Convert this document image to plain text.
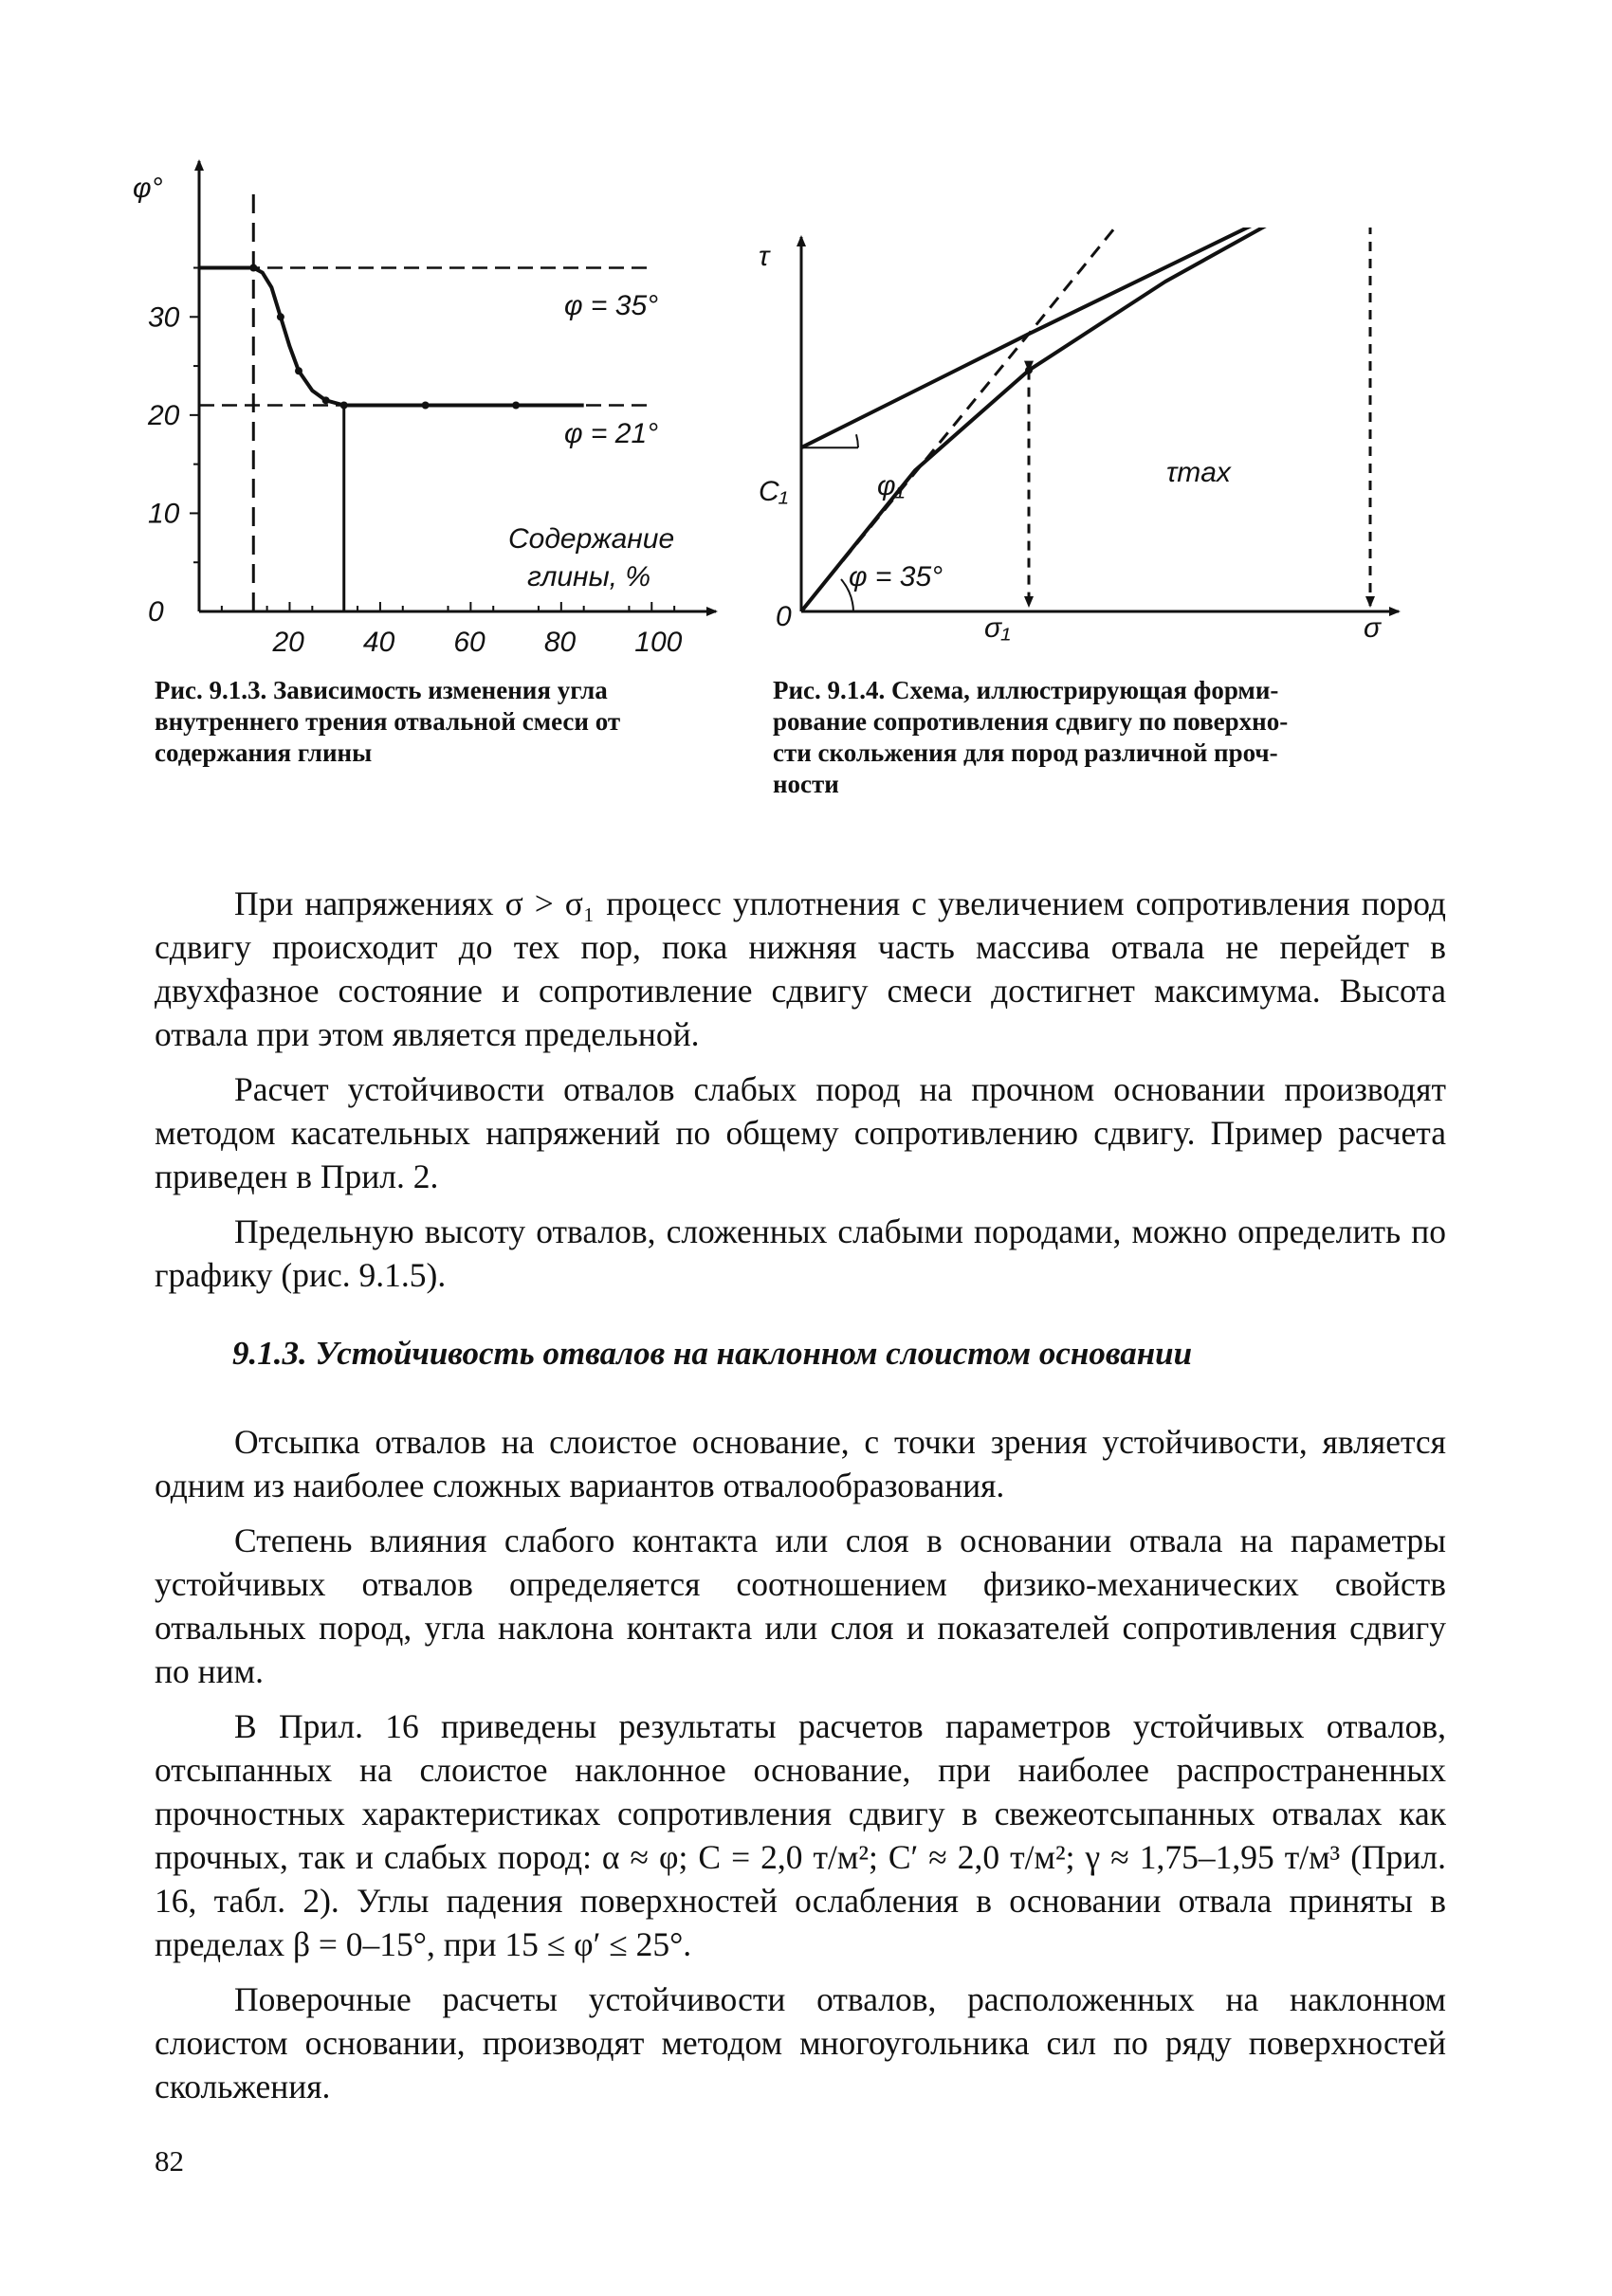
φ°
20 40 60 80 100
30
20
10
0
φ = 35°
φ = 21°
Содержание
глины, %
τ
σ
0
C₁
σ₁
τmax
φ₁
φ = 35°
Рис. 9.1.3. Зависимость изменения угла
внутреннего трения отвальной смеси от
содержания глины
Рис. 9.1.4. Схема, иллюстрирующая форми-
рование сопротивления сдвигу по поверхно-
сти скольжения для пород различной проч-
ности

При напряжениях σ > σ₁ процесс уплотнения с увеличением сопротивления пород сдвигу происходит до тех пор, пока нижняя часть массива отвала не перейдет в двухфазное состояние и сопротивление сдвигу смеси достигнет максимума. Высота отвала при этом является предельной.

Расчет устойчивости отвалов слабых пород на прочном основании производят методом касательных напряжений по общему сопротивлению сдвигу. Пример расчета приведен в Прил. 2.

Предельную высоту отвалов, сложенных слабыми породами, можно определить по графику (рис. 9.1.5).

9.1.3. Устойчивость отвалов на наклонном слоистом основании

Отсыпка отвалов на слоистое основание, с точки зрения устойчивости, является одним из наиболее сложных вариантов отвалообразования.

Степень влияния слабого контакта или слоя в основании отвала на параметры устойчивых отвалов определяется соотношением физико-механических свойств отвальных пород, угла наклона контакта или слоя и показателей сопротивления сдвигу по ним.

В Прил. 16 приведены результаты расчетов параметров устойчивых отвалов, отсыпанных на слоистое наклонное основание, при наиболее распространенных прочностных характеристиках сопротивления сдвигу в свежеотсыпанных отвалах как прочных, так и слабых пород: α ≈ φ; C = 2,0 т/м²; C′ ≈ 2,0 т/м²; γ ≈ 1,75–1,95 т/м³ (Прил. 16, табл. 2). Углы падения поверхностей ослабления в основании отвала приняты в пределах β = 0–15°, при 15 ≤ φ′ ≤ 25°.

Поверочные расчеты устойчивости отвалов, расположенных на наклонном слоистом основании, производят методом многоугольника сил по ряду поверхностей скольжения.

82
